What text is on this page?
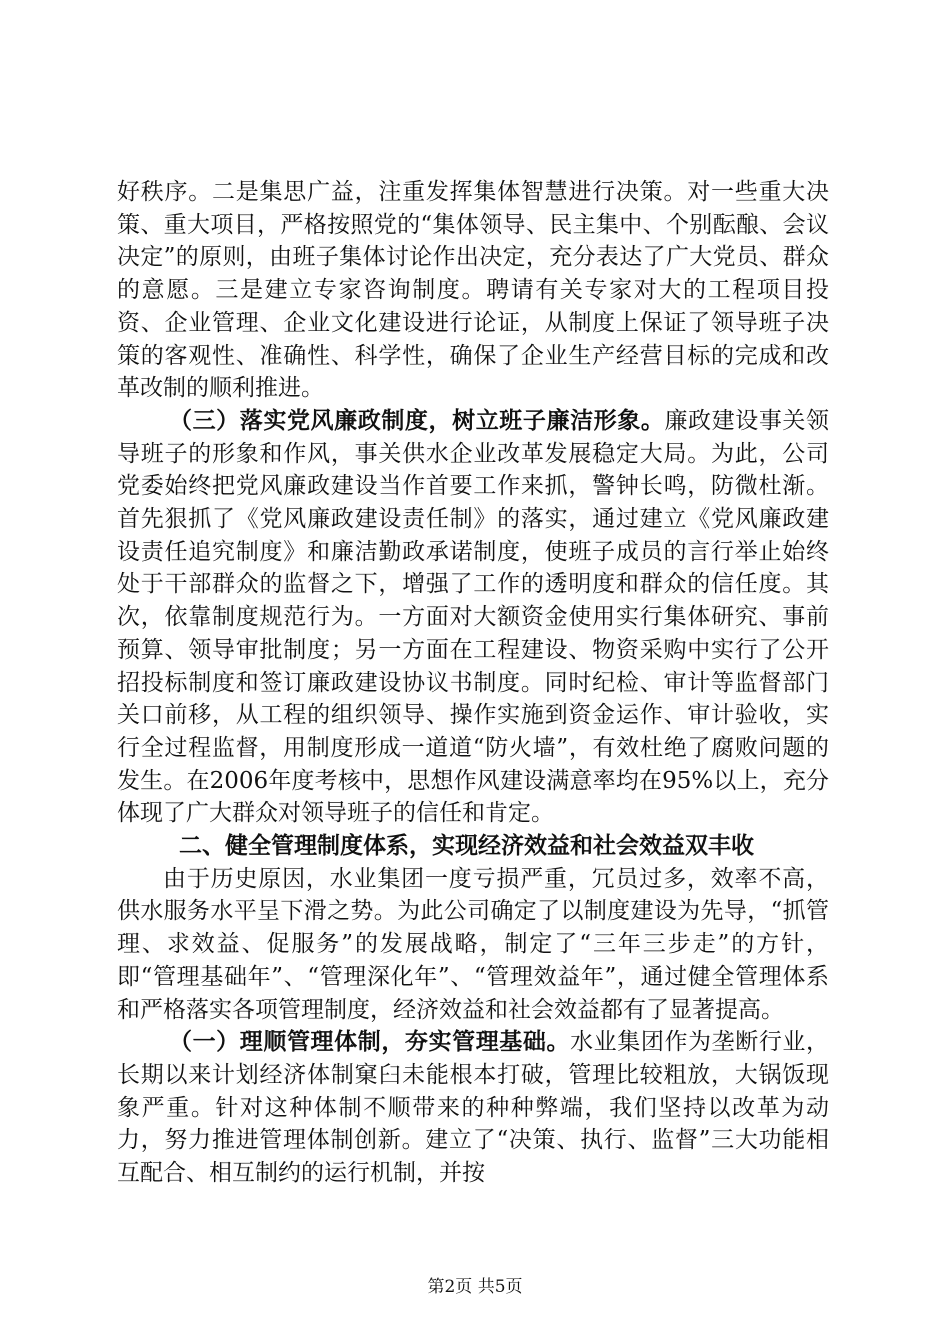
好秩序。二是集思广益，注重发挥集体智慧进行决策。对一些重大决策、重大项目，严格按照党的“集体领导、民主集中、个别酝酿、会议决定”的原则，由班子集体讨论作出决定，充分表达了广大党员、群众的意愿。三是建立专家咨询制度。聘请有关专家对大的工程项目投资、企业管理、企业文化建设进行论证，从制度上保证了领导班子决策的客观性、准确性、科学性，确保了企业生产经营目标的完成和改革改制的顺利推进。

（三）落实党风廉政制度，树立班子廉洁形象。廉政建设事关领导班子的形象和作风，事关供水企业改革发展稳定大局。为此，公司党委始终把党风廉政建设当作首要工作来抓，警钟长鸣，防微杜渐。首先狠抓了《党风廉政建设责任制》的落实，通过建立《党风廉政建设责任追究制度》和廉洁勤政承诺制度，使班子成员的言行举止始终处于干部群众的监督之下，增强了工作的透明度和群众的信任度。其次，依靠制度规范行为。一方面对大额资金使用实行集体研究、事前预算、领导审批制度；另一方面在工程建设、物资采购中实行了公开招投标制度和签订廉政建设协议书制度。同时纪检、审计等监督部门关口前移，从工程的组织领导、操作实施到资金运作、审计验收，实行全过程监督，用制度形成一道道“防火墙”，有效杜绝了腐败问题的发生。在2006年度考核中，思想作风建设满意率均在95%以上，充分体现了广大群众对领导班子的信任和肯定。

二、健全管理制度体系，实现经济效益和社会效益双丰收

由于历史原因，水业集团一度亏损严重，冗员过多，效率不高，供水服务水平呈下滑之势。为此公司确定了以制度建设为先导，“抓管理、求效益、促服务”的发展战略，制定了“三年三步走”的方针，即“管理基础年”、“管理深化年”、“管理效益年”，通过健全管理体系和严格落实各项管理制度，经济效益和社会效益都有了显著提高。

（一）理顺管理体制，夯实管理基础。水业集团作为垄断行业，长期以来计划经济体制窠臼未能根本打破，管理比较粗放，大锅饭现象严重。针对这种体制不顺带来的种种弊端，我们坚持以改革为动力，努力推进管理体制创新。建立了“决策、执行、监督”三大功能相互配合、相互制约的运行机制，并按

第2页 共5页
